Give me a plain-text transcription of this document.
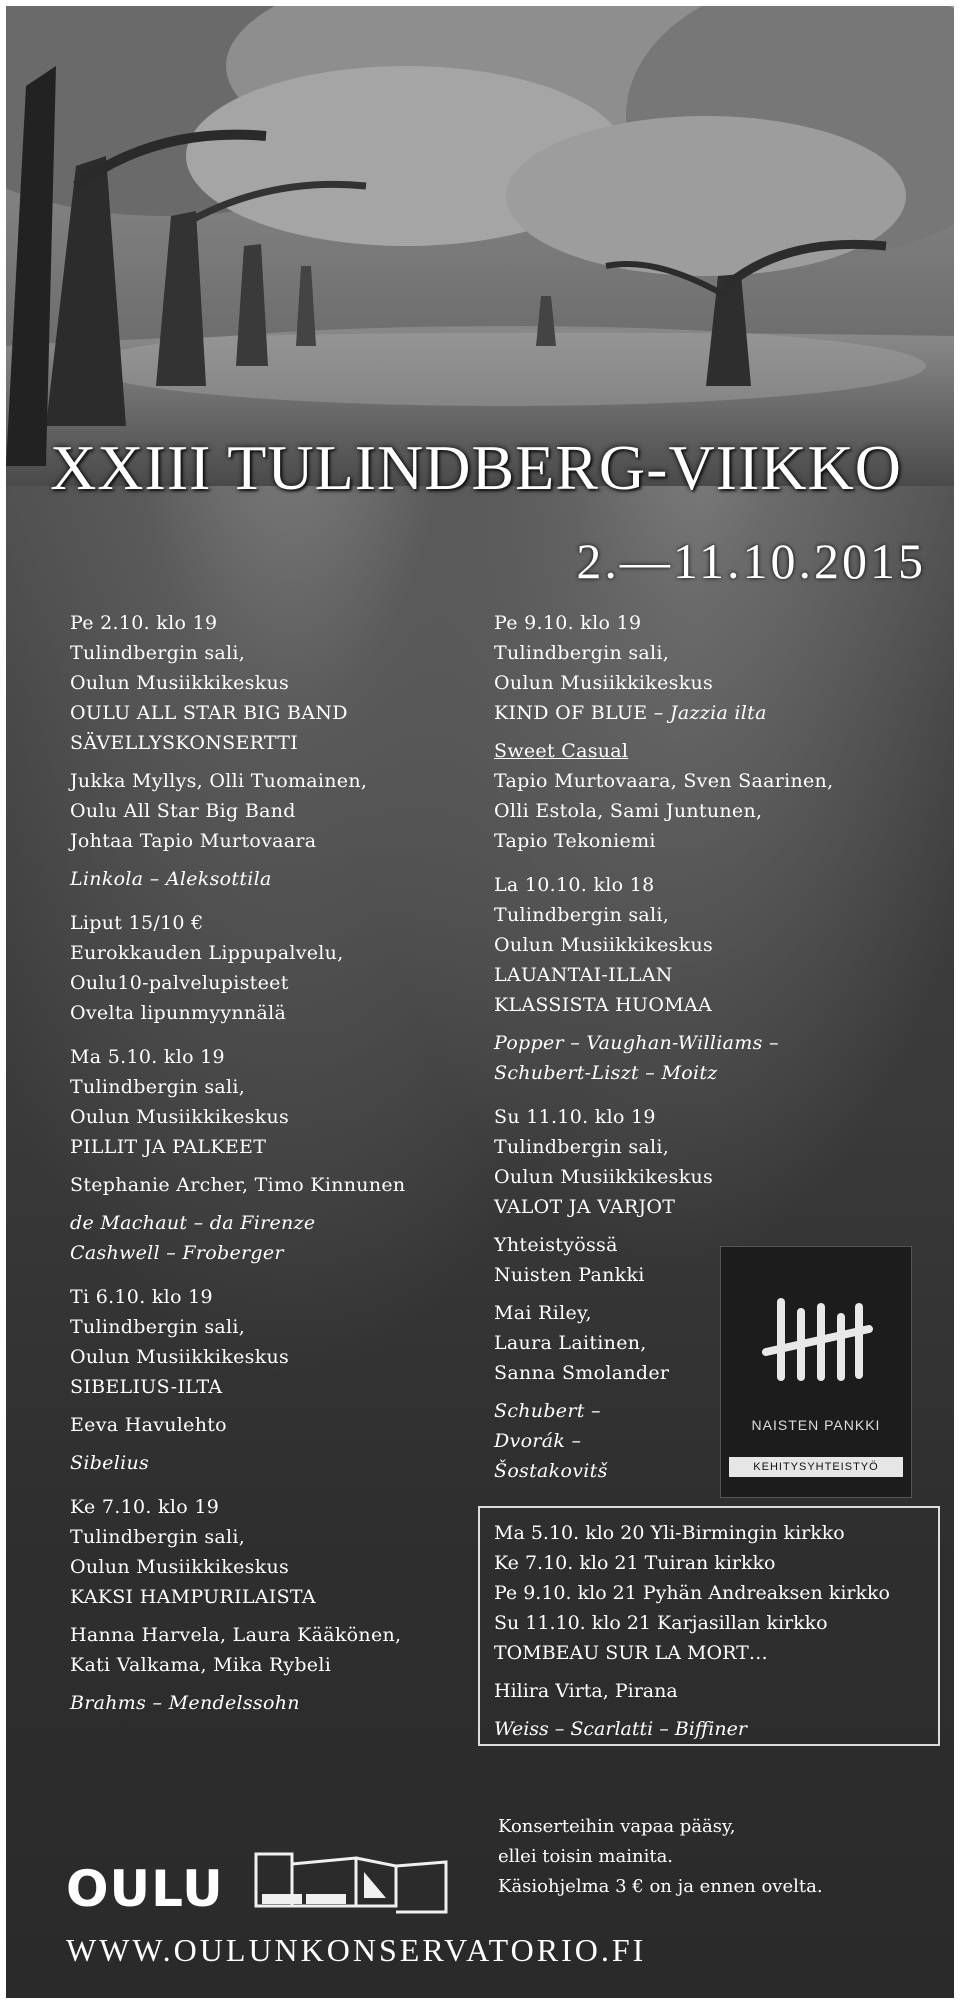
XXIII TULINDBERG-VIIKKO
2.—11.10.2015

Pe 2.10. klo 19

Tulindbergin sali,

Oulun Musiikkikeskus

OULU ALL STAR BIG BAND

SÄVELLYSKONSERTTI

Jukka Myllys, Olli Tuomainen,

Oulu All Star Big Band

Johtaa Tapio Murtovaara

Linkola – Aleksottila

Liput 15/10 €

Eurokkauden Lippupalvelu,

Oulu10-palvelupisteet

Ovelta lipunmyynnälä

Ma 5.10. klo 19

Tulindbergin sali,

Oulun Musiikkikeskus

PILLIT JA PALKEET

Stephanie Archer, Timo Kinnunen

de Machaut – da Firenze

Cashwell – Froberger

Ti 6.10. klo 19

Tulindbergin sali,

Oulun Musiikkikeskus

SIBELIUS-ILTA

Eeva Havulehto

Sibelius

Ke 7.10. klo 19

Tulindbergin sali,

Oulun Musiikkikeskus

KAKSI HAMPURILAISTA

Hanna Harvela, Laura Kääkönen,

Kati Valkama, Mika Rybeli

Brahms – Mendelssohn

Pe 9.10. klo 19

Tulindbergin sali,

Oulun Musiikkikeskus

KIND OF BLUE – Jazzia ilta

Sweet Casual

Tapio Murtovaara, Sven Saarinen,

Olli Estola, Sami Juntunen,

Tapio Tekoniemi

La 10.10. klo 18

Tulindbergin sali,

Oulun Musiikkikeskus

LAUANTAI-ILLAN

KLASSISTA HUOMAA

Popper – Vaughan-Williams –

Schubert-Liszt – Moitz

Su 11.10. klo 19

Tulindbergin sali,

Oulun Musiikkikeskus

VALOT JA VARJOT

Yhteistyössä

Nuisten Pankki

Mai Riley,

Laura Laitinen,

Sanna Smolander

Schubert –

Dvorák –

Šostakovitš

NAISTEN PANKKI
KEHITYSYHTEISTYÖ

Ma 5.10. klo 20 Yli-Birmingin kirkko

Ke 7.10. klo 21 Tuiran kirkko

Pe 9.10. klo 21 Pyhän Andreaksen kirkko

Su 11.10. klo 21 Karjasillan kirkko

TOMBEAU SUR LA MORT…

Hilira Virta, Pirana

Weiss – Scarlatti – Biffiner

Konserteihin vapaa pääsy,

ellei toisin mainita.

Käsiohjelma 3 € on ja ennen ovelta.

OULU
WWW.OULUNKONSERVATORIO.FI
